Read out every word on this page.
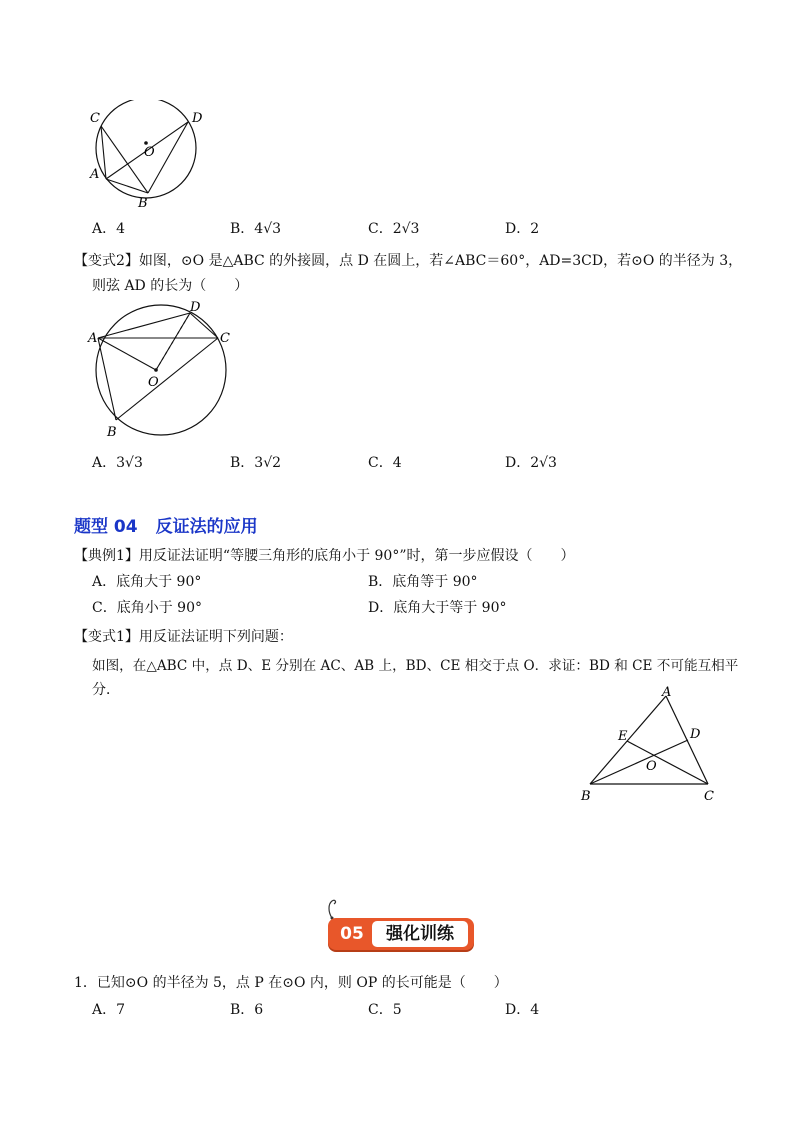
C	D
O
A
B
A．4	B．4√3	C．2√3	D．2
【变式2】如图，⊙O 是△ABC 的外接圆，点 D 在圆上，若∠ABC＝60°，AD=3CD，若⊙O 的半径为 3，
则弦 AD 的长为（　　）
A
D
C
O
B
A．3√3	B．3√2	C．4	D．2√3
题型 04 反证法的应用
【典例1】用反证法证明“等腰三角形的底角小于 90°”时，第一步应假设（　　）
A．底角大于 90°	B．底角等于 90°
C．底角小于 90°	D．底角大于等于 90°
【变式1】用反证法证明下列问题：
如图，在△ABC 中，点 D、E 分别在 AC、AB 上，BD、CE 相交于点 O．求证：BD 和 CE 不可能互相平
分．	A
E	D
O
B	C
05	强化训练
1．已知⊙O 的半径为 5，点 P 在⊙O 内，则 OP 的长可能是（　　）
A．7	B．6	C．5	D．4
